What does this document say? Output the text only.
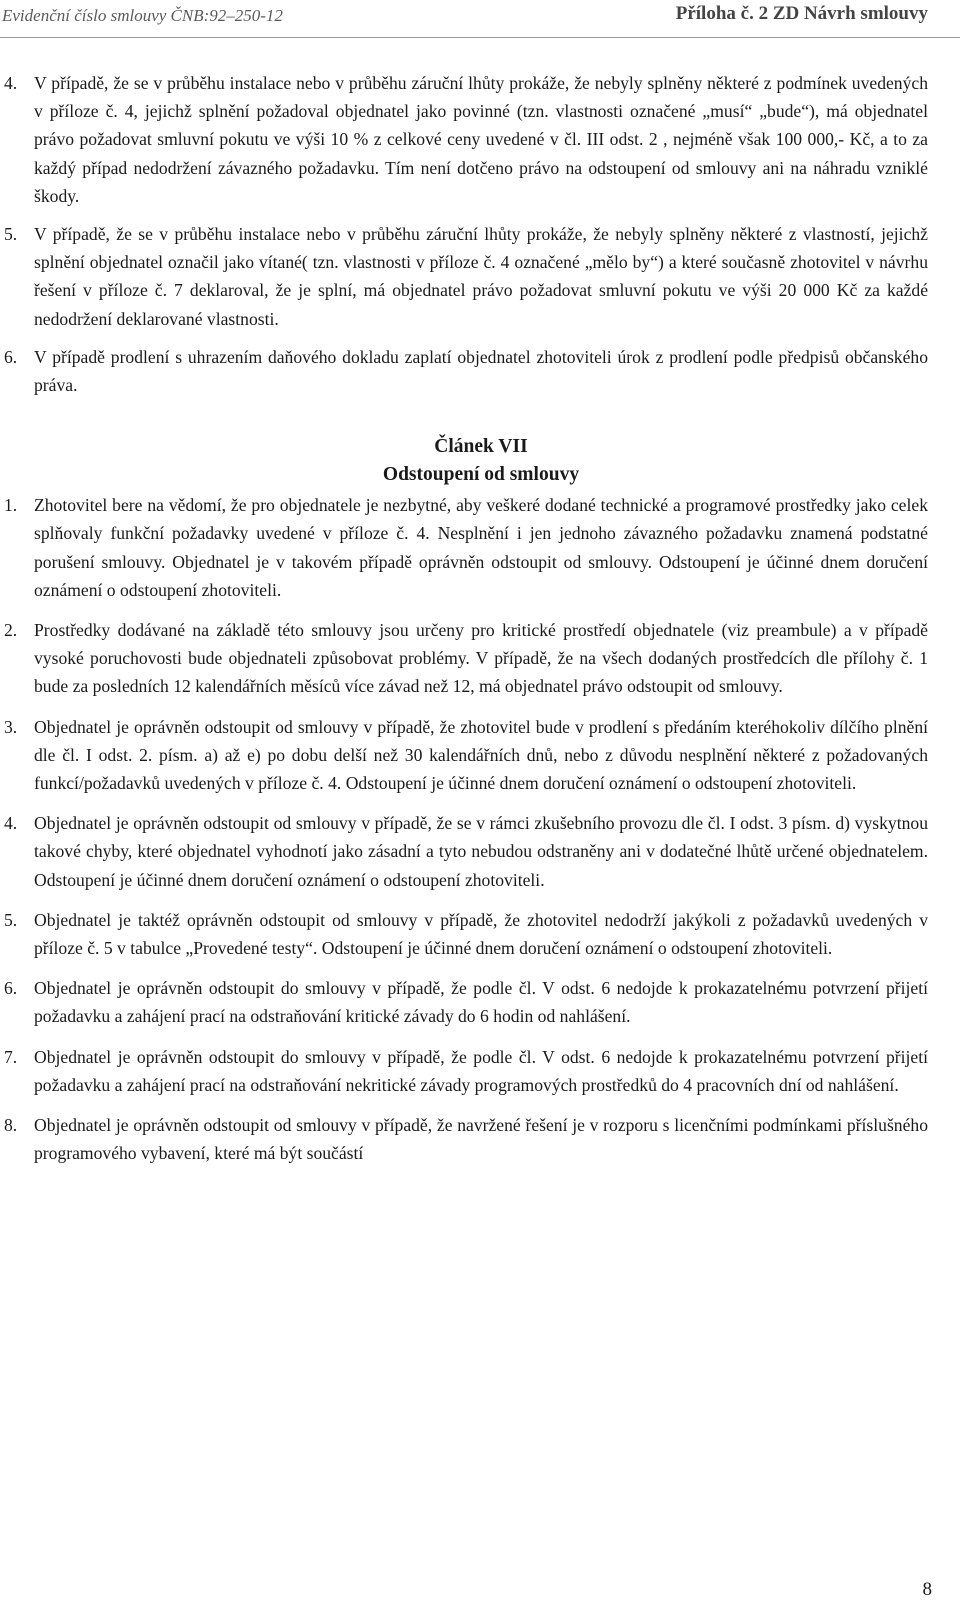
Evidenční číslo smlouvy ČNB:92–250-12	Příloha č. 2 ZD Návrh smlouvy
4. V případě, že se v průběhu instalace nebo v průběhu záruční lhůty prokáže, že nebyly splněny některé z podmínek uvedených v příloze č. 4, jejichž splnění požadoval objednatel jako povinné (tzn. vlastnosti označené „musí“ „bude“), má objednatel právo požadovat smluvní pokutu ve výši 10 % z celkové ceny uvedené v čl. III odst. 2 , nejméně však 100 000,- Kč, a to za každý případ nedodržení závazného požadavku. Tím není dotčeno právo na odstoupení od smlouvy ani na náhradu vzniklé škody.
5. V případě, že se v průběhu instalace nebo v průběhu záruční lhůty prokáže, že nebyly splněny některé z vlastností, jejichž splnění objednatel označil jako vítané( tzn. vlastnosti v příloze č. 4 označené „mělo by“) a které současně zhotovitel v návrhu řešení v příloze č. 7 deklaroval, že je splní, má objednatel právo požadovat smluvní pokutu ve výši 20 000 Kč za každé nedodržení deklarované vlastnosti.
6. V případě prodlení s uhrazením daňového dokladu zaplatí objednatel zhotoviteli úrok z prodlení podle předpisů občanského práva.
Článek VII
Odstoupení od smlouvy
1. Zhotovitel bere na vědomí, že pro objednatele je nezbytné, aby veškeré dodané technické a programové prostředky jako celek splňovaly funkční požadavky uvedené v příloze č. 4. Nesplnění i jen jednoho závazného požadavku znamená podstatné porušení smlouvy. Objednatel je v takovém případě oprávněn odstoupit od smlouvy. Odstoupení je účinné dnem doručení oznámení o odstoupení zhotoviteli.
2. Prostředky dodávané na základě této smlouvy jsou určeny pro kritické prostředí objednatele (viz preambule) a v případě vysoké poruchovosti bude objednateli způsobovat problémy. V případě, že na všech dodaných prostředcích dle přílohy č. 1 bude za posledních 12 kalendářních měsíců více závad než 12, má objednatel právo odstoupit od smlouvy.
3. Objednatel je oprávněn odstoupit od smlouvy v případě, že zhotovitel bude v prodlení s předáním kteréhokoliv dílčího plnění dle čl. I odst. 2. písm. a) až e) po dobu delší než 30 kalendářních dnů, nebo z důvodu nesplnění některé z požadovaných funkcí/požadavků uvedených v příloze č. 4. Odstoupení je účinné dnem doručení oznámení o odstoupení zhotoviteli.
4. Objednatel je oprávněn odstoupit od smlouvy v případě, že se v rámci zkušebního provozu dle čl. I odst. 3 písm. d) vyskytnou takové chyby, které objednatel vyhodnotí jako zásadní a tyto nebudou odstraněny ani v dodatečné lhůtě určené objednatelem. Odstoupení je účinné dnem doručení oznámení o odstoupení zhotoviteli.
5. Objednatel je taktéž oprávněn odstoupit od smlouvy v případě, že zhotovitel nedodrží jakýkoli z požadavků uvedených v příloze č. 5 v tabulce „Provedené testy“. Odstoupení je účinné dnem doručení oznámení o odstoupení zhotoviteli.
6. Objednatel je oprávněn odstoupit do smlouvy v případě, že podle čl. V odst. 6 nedojde k prokazatelnému potvrzení přijetí požadavku a zahájení prací na odstraňování kritické závady do 6 hodin od nahlášení.
7. Objednatel je oprávněn odstoupit do smlouvy v případě, že podle čl. V odst. 6 nedojde k prokazatelnému potvrzení přijetí požadavku a zahájení prací na odstraňování nekritické závady programových prostředků do 4 pracovních dní od nahlášení.
8. Objednatel je oprávněn odstoupit od smlouvy v případě, že navržené řešení je v rozporu s licenčními podmínkami příslušného programového vybavení, které má být součástí
8
